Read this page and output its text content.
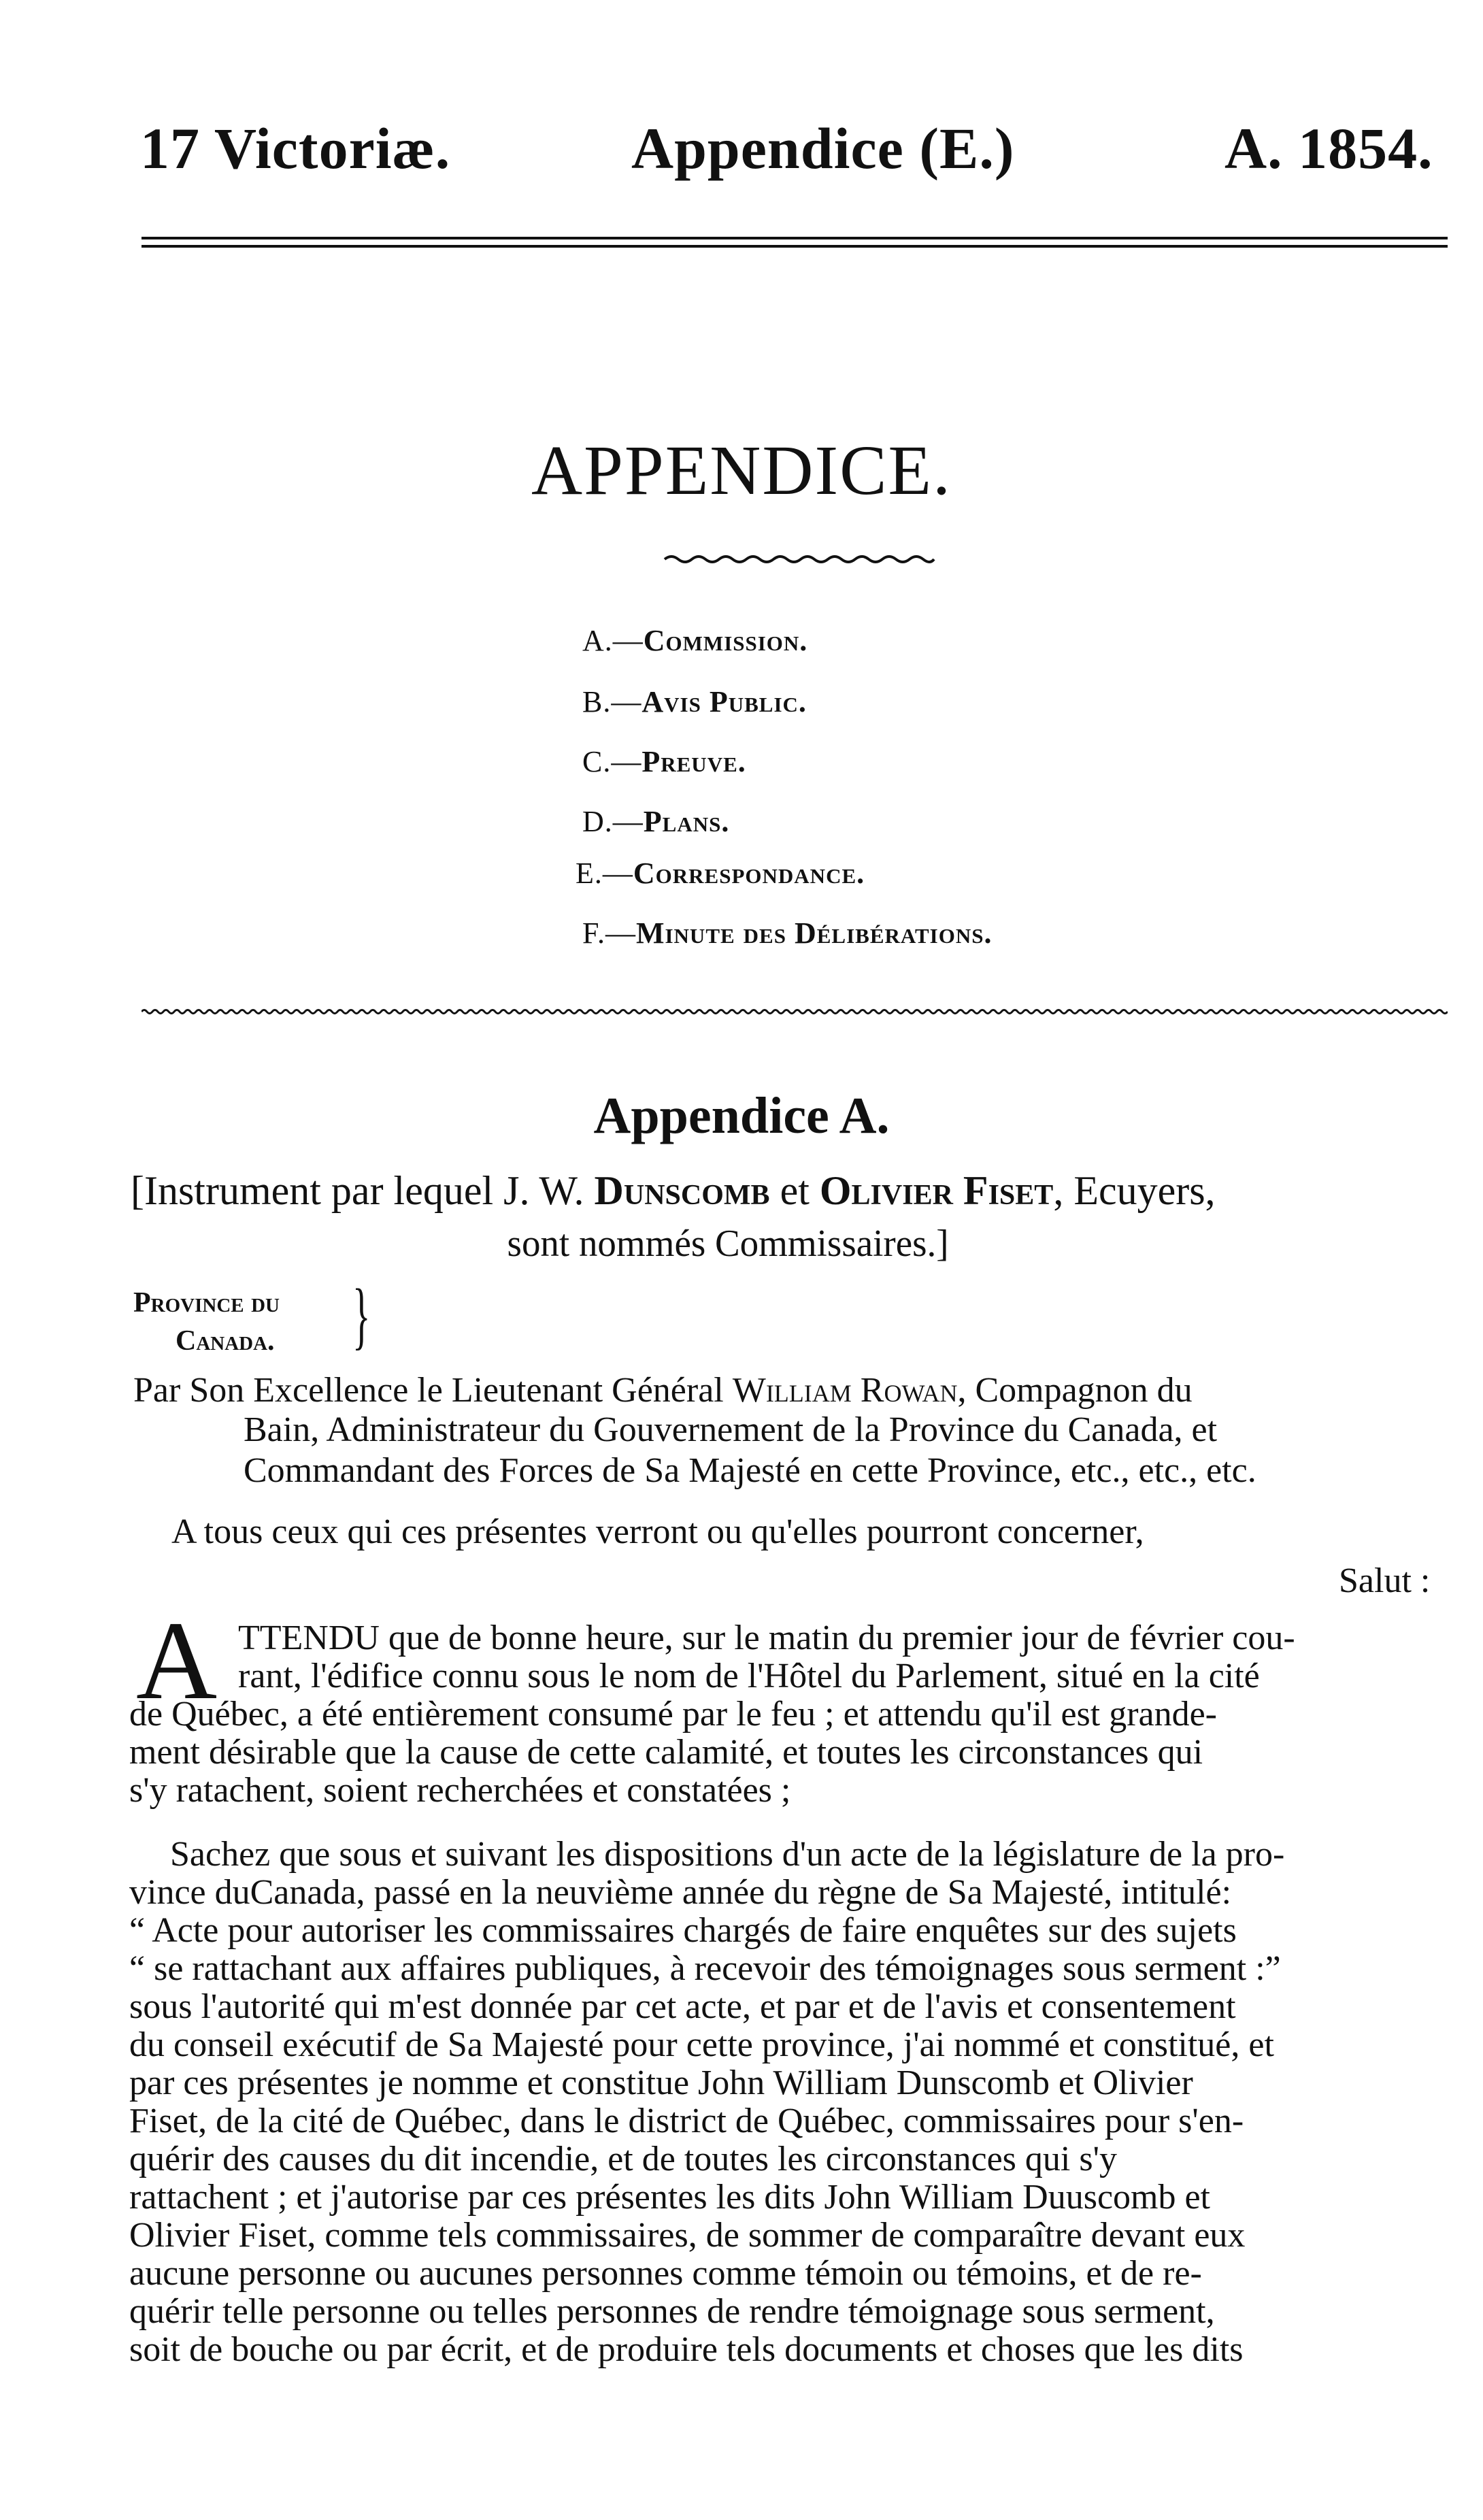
17 Victoriæ.	Appendice (E.)	A. 1854.
APPENDICE.
A.—Commission.
B.—Avis Public.
C.—Preuve.
D.—Plans.
E.—Correspondance.
F.—Minute des Délibérations.
Appendice A.
[Instrument par lequel J. W. Dunscomb et Olivier Fiset, Ecuyers,
sont nommés Commissaires.]
Province du
Canada. }
Par Son Excellence le Lieutenant Général William Rowan, Compagnon du
Bain, Administrateur du Gouvernement de la Province du Canada, et
Commandant des Forces de Sa Majesté en cette Province, etc., etc., etc.
A tous ceux qui ces présentes verront ou qu'elles pourront concerner,
Salut :
A TTENDU que de bonne heure, sur le matin du premier jour de février cou-
rant, l'édifice connu sous le nom de l'Hôtel du Parlement, situé en la cité
de Québec, a été entièrement consumé par le feu ; et attendu qu'il est grande-
ment désirable que la cause de cette calamité, et toutes les circonstances qui
s'y ratachent, soient recherchées et constatées ;
Sachez que sous et suivant les dispositions d'un acte de la législature de la pro-
vince duCanada, passé en la neuvième année du règne de Sa Majesté, intitulé:
“ Acte pour autoriser les commissaires chargés de faire enquêtes sur des sujets
“ se rattachant aux affaires publiques, à recevoir des témoignages sous serment :”
sous l'autorité qui m'est donnée par cet acte, et par et de l'avis et consentement
du conseil exécutif de Sa Majesté pour cette province, j'ai nommé et constitué, et
par ces présentes je nomme et constitue John William Dunscomb et Olivier
Fiset, de la cité de Québec, dans le district de Québec, commissaires pour s'en-
quérir des causes du dit incendie, et de toutes les circonstances qui s'y
rattachent ; et j'autorise par ces présentes les dits John William Duuscomb et
Olivier Fiset, comme tels commissaires, de sommer de comparaître devant eux
aucune personne ou aucunes personnes comme témoin ou témoins, et de re-
quérir telle personne ou telles personnes de rendre témoignage sous serment,
soit de bouche ou par écrit, et de produire tels documents et choses que les dits
